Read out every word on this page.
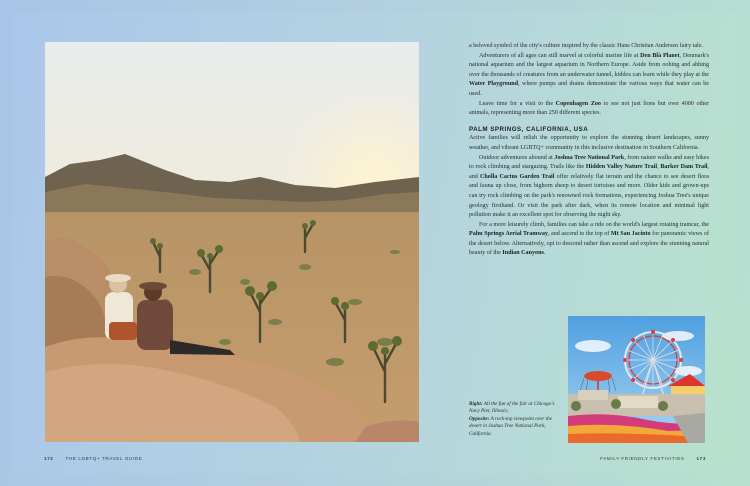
a beloved symbol of the city's culture inspired by the classic Hans Christian Andersen fairy tale.

Adventurers of all ages can still marvel at colorful marine life at Den Blå Planet, Denmark's national aquarium and the largest aquarium in Northern Europe. Aside from oohing and ahhing over the thousands of creatures from an underwater tunnel, kiddos can learn while they play at the Water Playground, where pumps and drains demonstrate the various ways that water can be used.

Leave time for a visit to the Copenhagen Zoo to see not just lions but over 4000 other animals, representing more than 250 different species.

PALM SPRINGS, CALIFORNIA, USA

Active families will relish the opportunity to explore the stunning desert landscapes, sunny weather, and vibrant LGBTQ+ community in this inclusive destination in Southern California.

Outdoor adventures abound at Joshua Tree National Park, from nature walks and easy hikes to rock climbing and stargazing. Trails like the Hidden Valley Nature Trail, Barker Dam Trail, and Cholla Cactus Garden Trail offer relatively flat terrain and the chance to see desert flora and fauna up close, from bighorn sheep to desert tortoises and more. Older kids and grown-ups can try rock climbing on the park's renowned rock formations, experiencing Joshua Tree's unique geology firsthand. Or visit the park after dark, when its remote location and minimal light pollution make it an excellent spot for observing the night sky.

For a more leisurely climb, families can take a ride on the world's largest rotating tramcar, the Palm Springs Aerial Tramway, and ascend to the top of Mt San Jacinto for panoramic views of the desert below. Alternatively, opt to descend rather than ascend and explore the stunning natural beauty of the Indian Canyons.

Right: All the fun of the fair at Chicago's Navy Pier, Illinois;
Opposite: A rock-top viewpoint over the desert in Joshua Tree National Park, California.
172	THE LGBTQ+ TRAVEL GUIDE	FAMILY-FRIENDLY FESTIVITIES	173
